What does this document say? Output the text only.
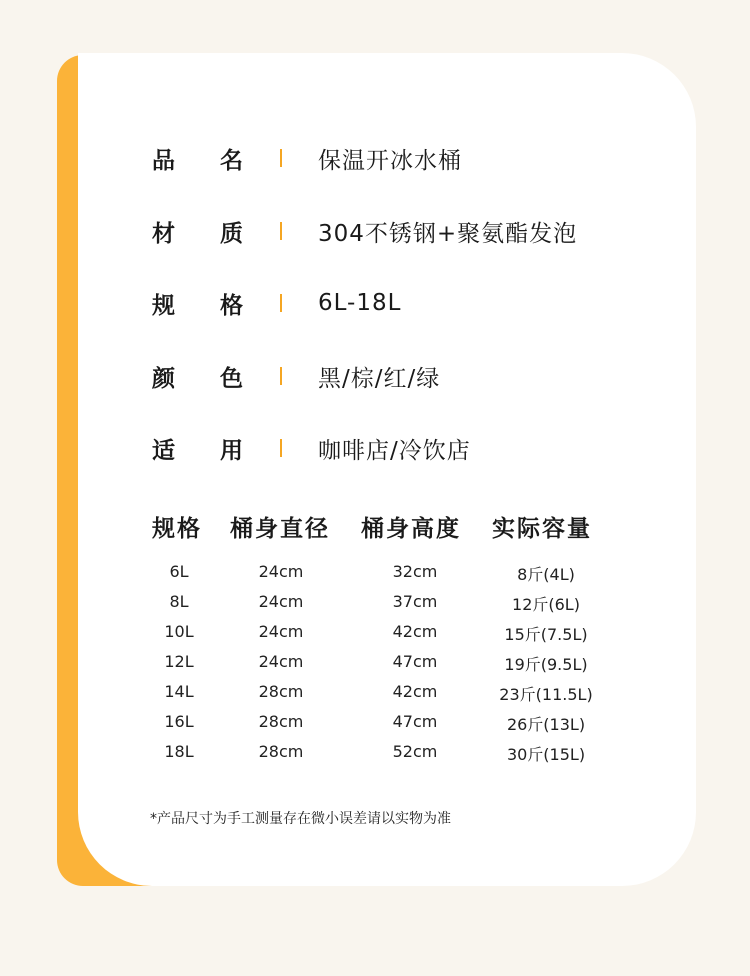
品 名	保温开冰水桶
材 质	304不锈钢+聚氨酯发泡
规 格	6L-18L
颜 色	黑/棕/红/绿
适 用	咖啡店/冷饮店
规格 桶身直径 桶身高度 实际容量
6L	24cm	32cm	8斤(4L)
8L	24cm	37cm	12斤(6L)
10L	24cm	42cm	15斤(7.5L)
12L	24cm	47cm	19斤(9.5L)
14L	28cm	42cm	23斤(11.5L)
16L	28cm	47cm	26斤(13L)
18L	28cm	52cm	30斤(15L)
*产品尺寸为手工测量存在微小误差请以实物为准
